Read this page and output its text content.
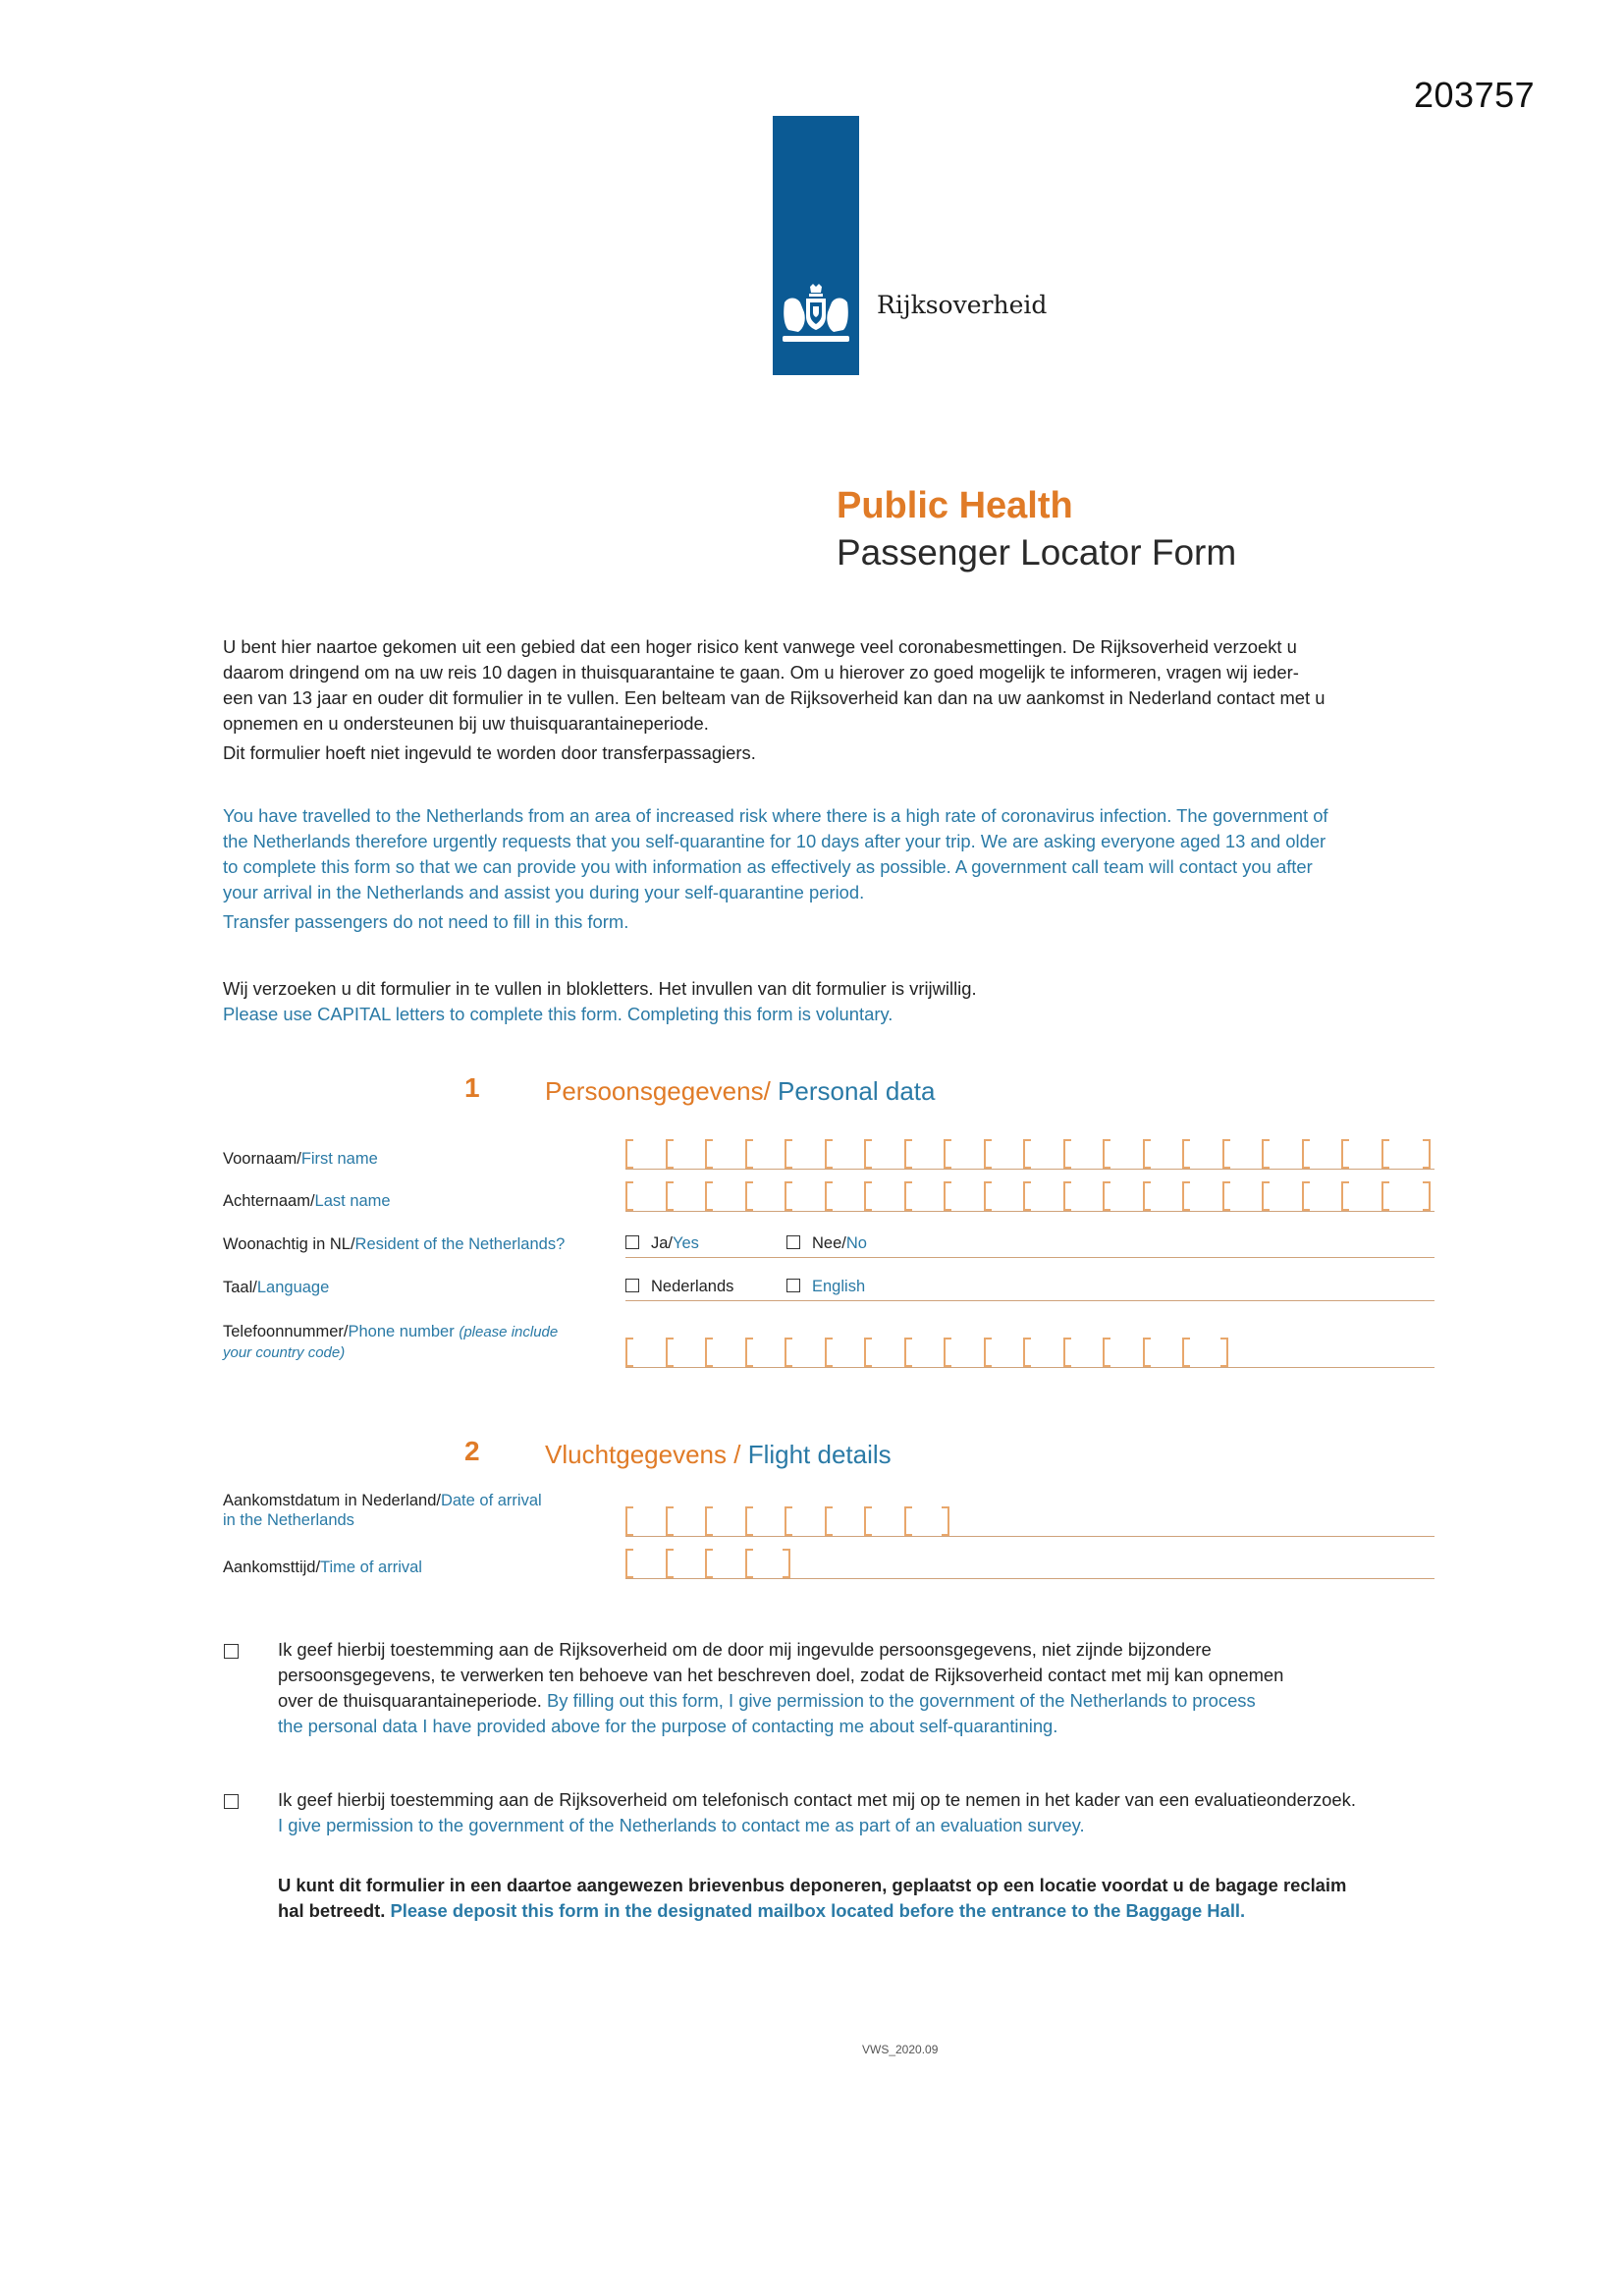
203757
Rijksoverheid
Public Health
Passenger Locator Form
U bent hier naartoe gekomen uit een gebied dat een hoger risico kent vanwege veel coronabesmettingen. De Rijksoverheid verzoekt u
daarom dringend om na uw reis 10 dagen in thuisquarantaine te gaan. Om u hierover zo goed mogelijk te informeren, vragen wij ieder-
een van 13 jaar en ouder dit formulier in te vullen. Een belteam van de Rijksoverheid kan dan na uw aankomst in Nederland contact met u
opnemen en u ondersteunen bij uw thuisquarantaineperiode.
Dit formulier hoeft niet ingevuld te worden door transferpassagiers.
You have travelled to the Netherlands from an area of increased risk where there is a high rate of coronavirus infection. The government of
the Netherlands therefore urgently requests that you self-quarantine for 10 days after your trip. We are asking everyone aged 13 and older
to complete this form so that we can provide you with information as effectively as possible. A government call team will contact you after
your arrival in the Netherlands and assist you during your self-quarantine period.
Transfer passengers do not need to fill in this form.
Wij verzoeken u dit formulier in te vullen in blokletters. Het invullen van dit formulier is vrijwillig.
Please use CAPITAL letters to complete this form. Completing this form is voluntary.
1	Persoonsgegevens/ Personal data
Voornaam/First name
Achternaam/Last name
Woonachtig in NL/Resident of the Netherlands?	Ja/Yes	Nee/No
Taal/Language	Nederlands	English
Telefoonnummer/Phone number (please include
your country code)
2	Vluchtgegevens / Flight details
Aankomstdatum in Nederland/Date of arrival
in the Netherlands
Aankomsttijd/Time of arrival
Ik geef hierbij toestemming aan de Rijksoverheid om de door mij ingevulde persoonsgegevens, niet zijnde bijzondere
persoonsgegevens, te verwerken ten behoeve van het beschreven doel, zodat de Rijksoverheid contact met mij kan opnemen
over de thuisquarantaineperiode. By filling out this form, I give permission to the government of the Netherlands to process
the personal data I have provided above for the purpose of contacting me about self-quarantining.
Ik geef hierbij toestemming aan de Rijksoverheid om telefonisch contact met mij op te nemen in het kader van een evaluatieonderzoek.
I give permission to the government of the Netherlands to contact me as part of an evaluation survey.
U kunt dit formulier in een daartoe aangewezen brievenbus deponeren, geplaatst op een locatie voordat u de bagage reclaim
hal betreedt. Please deposit this form in the designated mailbox located before the entrance to the Baggage Hall.
VWS_2020.09
